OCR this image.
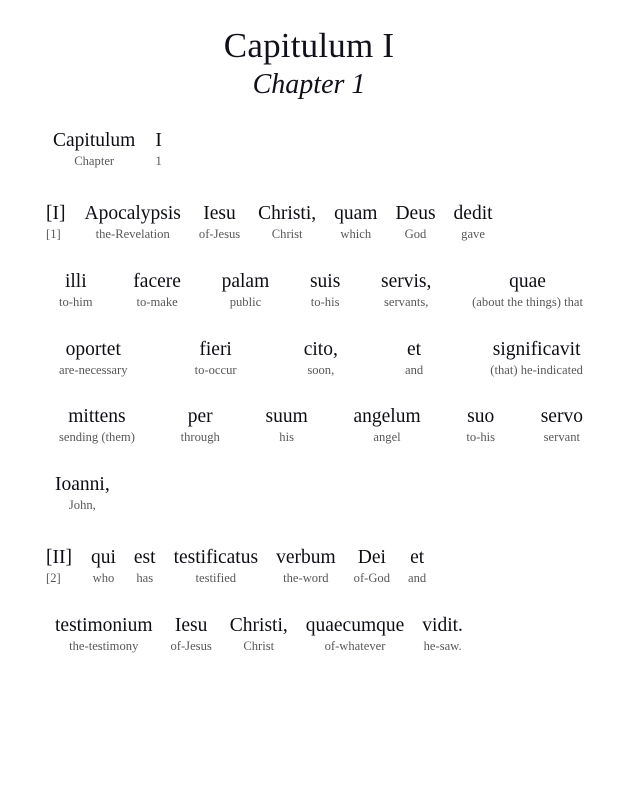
Capitulum I
Chapter 1
Capitulum
Chapter
I
1
[I]
[1]
Apocalypsis
the-Revelation
Iesu
of-Jesus
Christi,
Christ
quam
which
Deus
God
dedit
gave
illi
to-him
facere
to-make
palam
public
suis
to-his
servis,
servants,
quae
(about the things) that
oportet
are-necessary
fieri
to-occur
cito,
soon,
et
and
significavit
(that) he-indicated
mittens
sending (them)
per
through
suum
his
angelum
angel
suo
to-his
servo
servant
Ioanni,
John,
[II]
[2]
qui
who
est
has
testificatus
testified
verbum
the-word
Dei
of-God
et
and
testimonium
the-testimony
Iesu
of-Jesus
Christi,
Christ
quaecumque
of-whatever
vidit.
he-saw.
